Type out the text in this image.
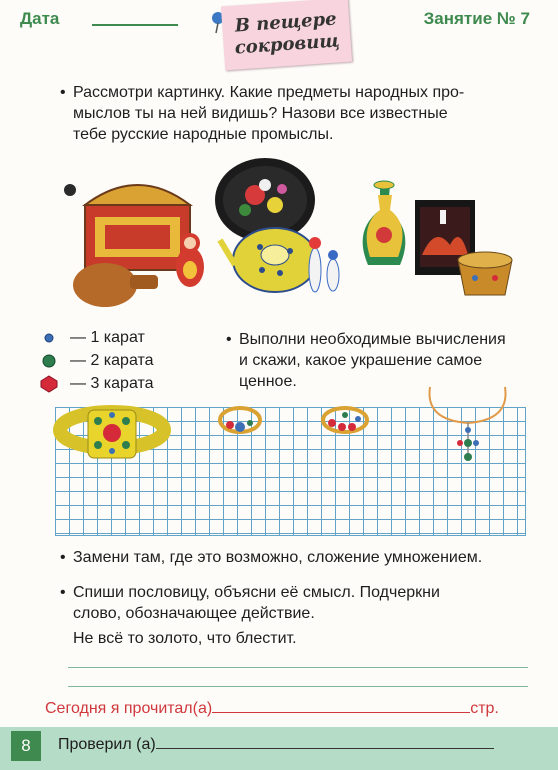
Дата	В пещере
сокровищ
Занятие № 7
• Рассмотри картинку. Какие предметы народных про-
мыслов ты на ней видишь? Назови все известные
тебе русские народные промыслы.
— 1 карат
— 2 карата
— 3 карата
• Выполни необходимые вычисления
и скажи, какое украшение самое
ценное.
• Замени там, где это возможно, сложение умножением.
• Спиши пословицу, объясни её смысл. Подчеркни
слово, обозначающее действие.
Не всё то золото, что блестит.
Сегодня я прочитал(а)	стр.
8	Проверил (а)
